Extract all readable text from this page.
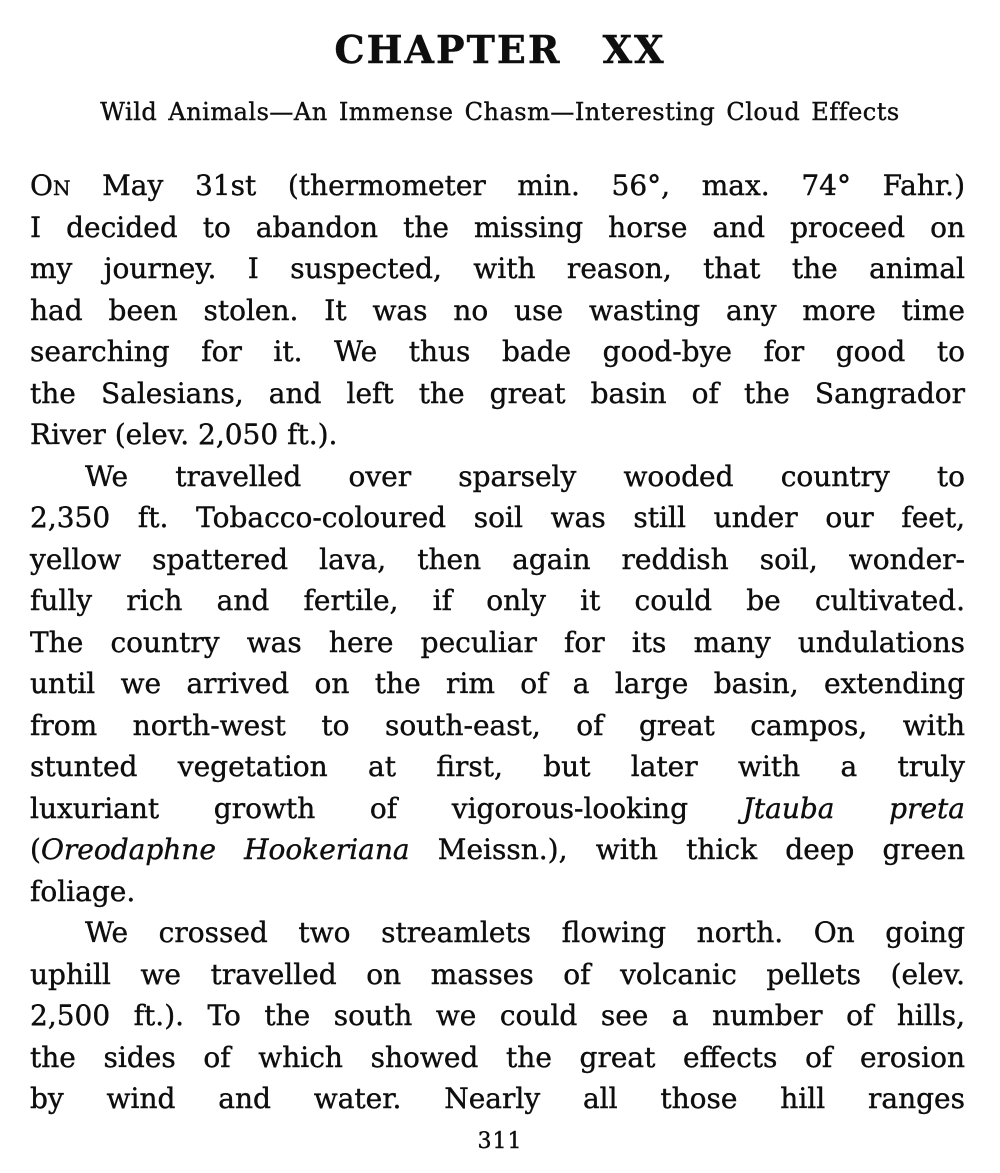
CHAPTER XX
Wild Animals—An Immense Chasm—Interesting Cloud Effects
On May 31st (thermometer min. 56°, max. 74° Fahr.)
I decided to abandon the missing horse and proceed on
my journey. I suspected, with reason, that the animal
had been stolen. It was no use wasting any more time
searching for it. We thus bade good-bye for good to
the Salesians, and left the great basin of the Sangrador
River (elev. 2,050 ft.).
We travelled over sparsely wooded country to
2,350 ft. Tobacco-coloured soil was still under our feet,
yellow spattered lava, then again reddish soil, wonder-
fully rich and fertile, if only it could be cultivated.
The country was here peculiar for its many undulations
until we arrived on the rim of a large basin, extending
from north-west to south-east, of great campos, with
stunted vegetation at first, but later with a truly
luxuriant growth of vigorous-looking Jtauba preta
(Oreodaphne Hookeriana Meissn.), with thick deep green
foliage.
We crossed two streamlets flowing north. On going
uphill we travelled on masses of volcanic pellets (elev.
2,500 ft.). To the south we could see a number of hills,
the sides of which showed the great effects of erosion
by wind and water. Nearly all those hill ranges
311
